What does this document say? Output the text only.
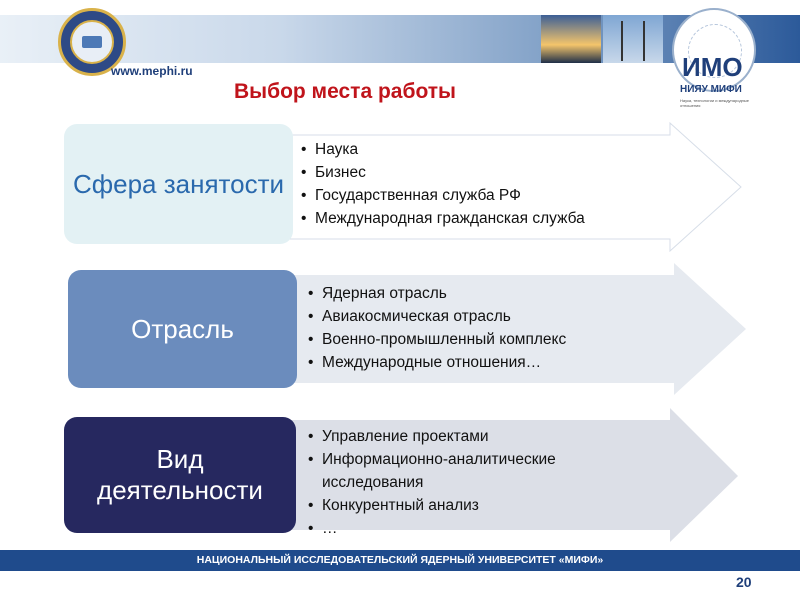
www.mephi.ru	ИМО
НИЯУ МИФИ
Наука, технологии и международные отношения
Выбор места работы
Сфера занятости
• Наука
• Бизнес
• Государственная служба РФ
• Международная гражданская служба
Отрасль
• Ядерная отрасль
• Авиакосмическая отрасль
• Военно-промышленный комплекс
• Международные отношения…
Вид деятельности
• Управление проектами
• Информационно-аналитические исследования
• Конкурентный анализ
• …
НАЦИОНАЛЬНЫЙ ИССЛЕДОВАТЕЛЬСКИЙ ЯДЕРНЫЙ УНИВЕРСИТЕТ «МИФИ»
20
